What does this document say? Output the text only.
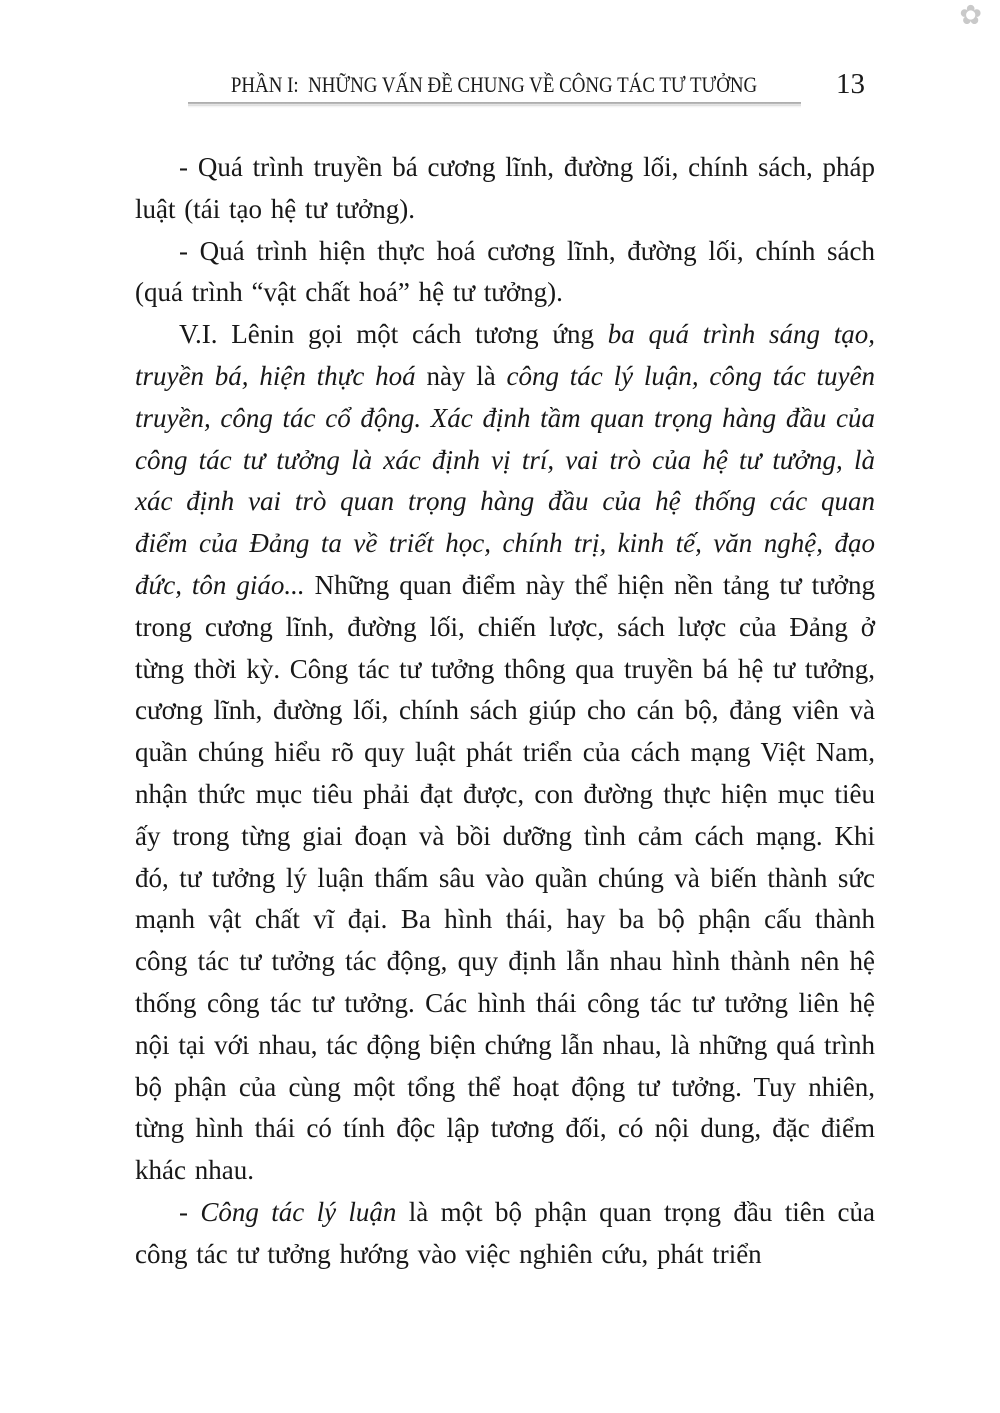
✿
PHẦN I:  NHỮNG VẤN ĐỀ CHUNG VỀ CÔNG TÁC TƯ TƯỞNG	13

- Quá trình truyền bá cương lĩnh, đường lối, chính sách, pháp luật (tái tạo hệ tư tưởng).

- Quá trình hiện thực hoá cương lĩnh, đường lối, chính sách (quá trình “vật chất hoá” hệ tư tưởng).

V.I. Lênin gọi một cách tương ứng ba quá trình sáng tạo, truyền bá, hiện thực hoá này là công tác lý luận, công tác tuyên truyền, công tác cổ động. Xác định tầm quan trọng hàng đầu của công tác tư tưởng là xác định vị trí, vai trò của hệ tư tưởng, là xác định vai trò quan trọng hàng đầu của hệ thống các quan điểm của Đảng ta về triết học, chính trị, kinh tế, văn nghệ, đạo đức, tôn giáo... Những quan điểm này thể hiện nền tảng tư tưởng trong cương lĩnh, đường lối, chiến lược, sách lược của Đảng ở từng thời kỳ. Công tác tư tưởng thông qua truyền bá hệ tư tưởng, cương lĩnh, đường lối, chính sách giúp cho cán bộ, đảng viên và quần chúng hiểu rõ quy luật phát triển của cách mạng Việt Nam, nhận thức mục tiêu phải đạt được, con đường thực hiện mục tiêu ấy trong từng giai đoạn và bồi dưỡng tình cảm cách mạng. Khi đó, tư tưởng lý luận thấm sâu vào quần chúng và biến thành sức mạnh vật chất vĩ đại. Ba hình thái, hay ba bộ phận cấu thành công tác tư tưởng tác động, quy định lẫn nhau hình thành nên hệ thống công tác tư tưởng. Các hình thái công tác tư tưởng liên hệ nội tại với nhau, tác động biện chứng lẫn nhau, là những quá trình bộ phận của cùng một tổng thể hoạt động tư tưởng. Tuy nhiên, từng hình thái có tính độc lập tương đối, có nội dung, đặc điểm khác nhau.

- Công tác lý luận là một bộ phận quan trọng đầu tiên của công tác tư tưởng hướng vào việc nghiên cứu, phát triển
